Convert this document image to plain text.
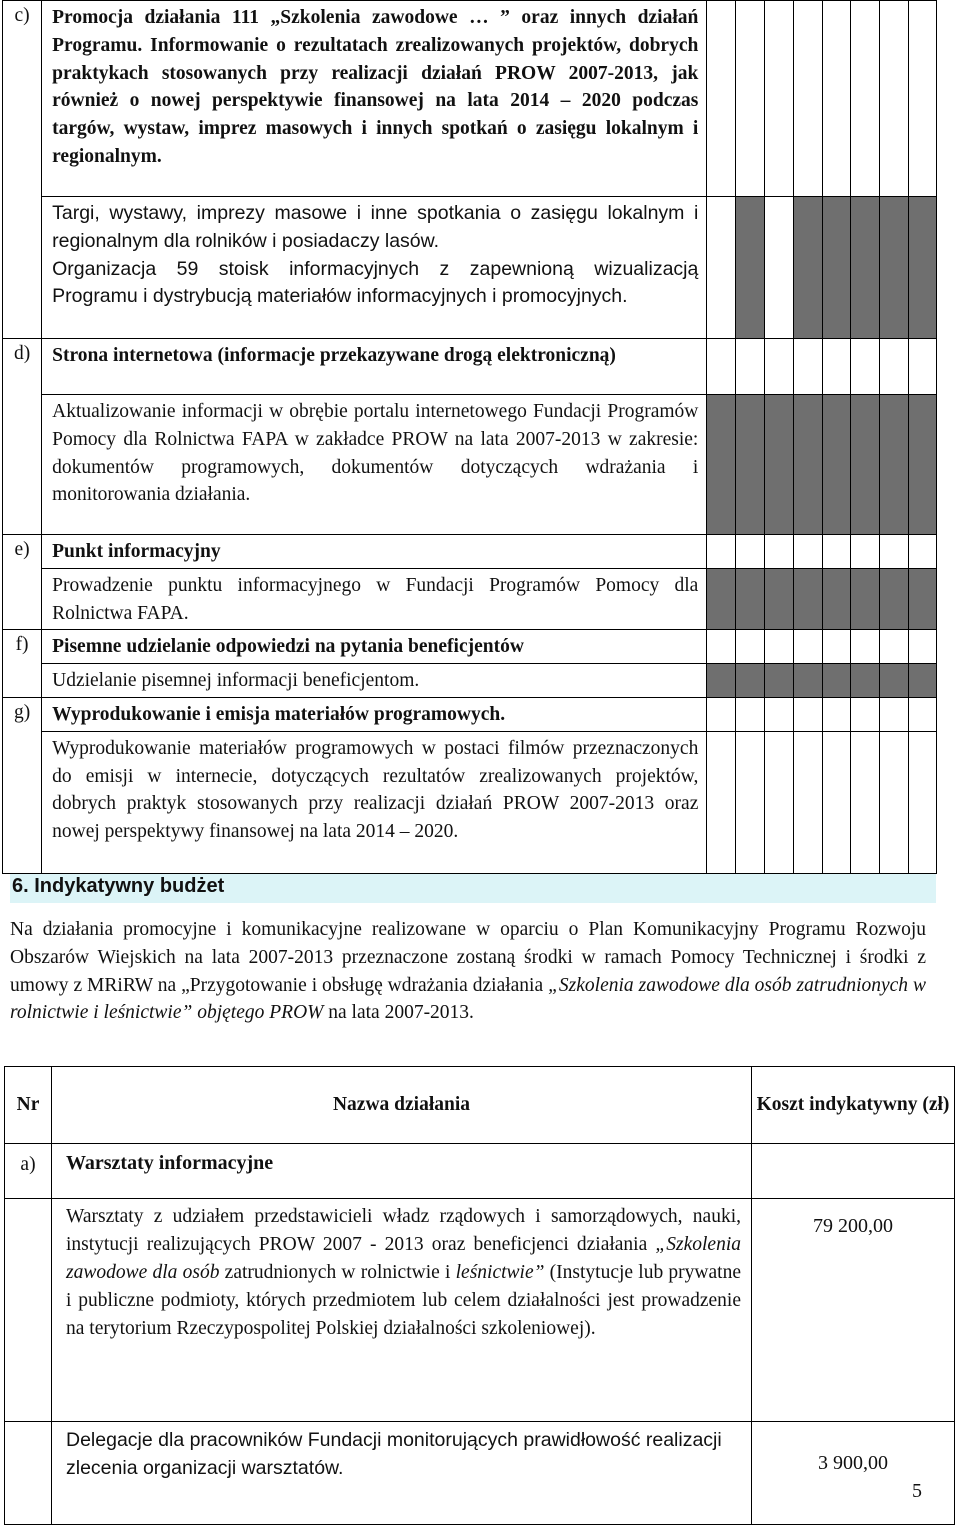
c)	Promocja działania 111 „Szkolenia zawodowe … ” oraz innych działań Programu. Informowanie o rezultatach zrealizowanych projektów, dobrych praktykach stosowanych przy realizacji działań PROW 2007-2013, jak również o nowej perspektywie finansowej na lata 2014 – 2020 podczas targów, wystaw, imprez masowych i innych spotkań o zasięgu lokalnym i regionalnym.								

	Targi, wystawy, imprezy masowe i inne spotkania o zasięgu lokalnym i regionalnym dla rolników i posiadaczy lasów.
Organizacja 59 stoisk informacyjnych z zapewnioną wizualizacją Programu i dystrybucją materiałów informacyjnych i promocyjnych.								

d)	Strona internetowa (informacje przekazywane drogą elektroniczną)								
	Aktualizowanie informacji w obrębie portalu internetowego Fundacji Programów Pomocy dla Rolnictwa FAPA w zakładce PROW na lata 2007-2013 w zakresie: dokumentów programowych, dokumentów dotyczących wdrażania i monitorowania działania.								
e)	Punkt informacyjny								
	Prowadzenie punktu informacyjnego w Fundacji Programów Pomocy dla Rolnictwa FAPA.								
f)	Pisemne udzielanie odpowiedzi na pytania beneficjentów								
	Udzielanie pisemnej informacji beneficjentom.								
g)	Wyprodukowanie i emisja materiałów programowych.								
	Wyprodukowanie materiałów programowych w postaci filmów przeznaczonych do emisji w internecie, dotyczących rezultatów zrealizowanych projektów, dobrych praktyk stosowanych przy realizacji działań PROW 2007-2013 oraz nowej perspektywy finansowej na lata 2014 – 2020.								
6. Indykatywny budżet
Na działania promocyjne i komunikacyjne realizowane w oparciu o Plan Komunikacyjny Programu Rozwoju Obszarów Wiejskich na lata 2007-2013 przeznaczone zostaną środki w ramach Pomocy Technicznej i środki z umowy z MRiRW na „Przygotowanie i obsługę wdrażania działania „Szkolenia zawodowe dla osób zatrudnionych w rolnictwie i leśnictwie” objętego PROW na lata 2007-2013.
Nr	Nazwa działania	Koszt indykatywny (zł)
a)	Warsztaty informacyjne	
	Warsztaty z udziałem przedstawicieli władz rządowych i samorządowych, nauki, instytucji realizujących PROW 2007 - 2013 oraz beneficjenci działania „Szkolenia zawodowe dla osób zatrudnionych w rolnictwie i leśnictwie” (Instytucje lub prywatne i publiczne podmioty, których przedmiotem lub celem działalności jest prowadzenie na terytorium Rzeczypospolitej Polskiej działalności szkoleniowej).	79 200,00
	Delegacje dla pracowników Fundacji monitorujących prawidłowość realizacji zlecenia organizacji warsztatów.	3 900,00
5
